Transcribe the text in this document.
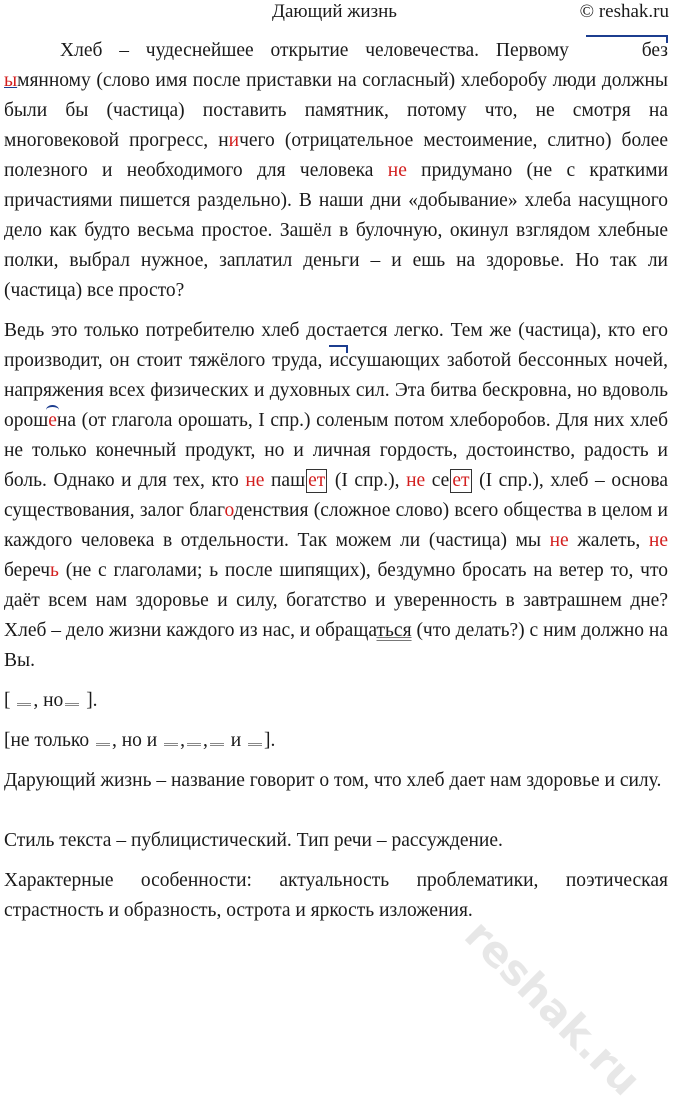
Дающий жизнь	© reshak.ru

Хлеб – чудеснейшее открытие человечества. Первому	безымянному (слово имя после приставки на согласный) хлеборобу люди должны были бы (частица) поставить памятник, потому что, не смотря на многовековой прогресс, ничего (отрицательное местоимение, слитно) более полезного и необходимого для человека не придумано (не с краткими причастиями пишется раздельно). В наши дни «добывание» хлеба насущного дело как будто весьма простое. Зашёл в булочную, окинул взглядом хлебные полки, выбрал нужное, заплатил деньги – и ешь на здоровье. Но так ли (частица) все просто?

Ведь это только потребителю хлеб достается легко. Тем же (частица), кто его производит, он стоит тяжёлого труда, иссушающих заботой бессонных ночей, напряжения всех физических и духовных сил. Эта битва бескровна, но вдоволь орошена (от глагола орошать, I спр.) соленым потом хлеборобов. Для них хлеб не только конечный продукт, но и личная гордость, достоинство, радость и боль. Однако и для тех, кто не паш ет (I спр.), не се ет (I спр.), хлеб – основа существования, залог благоденствия (сложное слово) всего общества в целом и каждого человека в отдельности. Так можем ли (частица) мы не жалеть, не беречь (не с глаголами; ь после шипящих), бездумно бросать на ветер то, что даёт всем нам здоровье и силу, богатство и уверенность в завтрашнем дне? Хлеб – дело жизни каждого из нас, и обращаться (что делать?) с ним должно на Вы.

[ , но ].

[не только , но и , , и ].

Дарующий жизнь – название говорит о том, что хлеб дает нам здоровье и силу.

Стиль текста – публицистический. Тип речи – рассуждение.

Характерные особенности: актуальность проблематики, поэтическая страстность и образность, острота и яркость изложения.

reshak.ru
